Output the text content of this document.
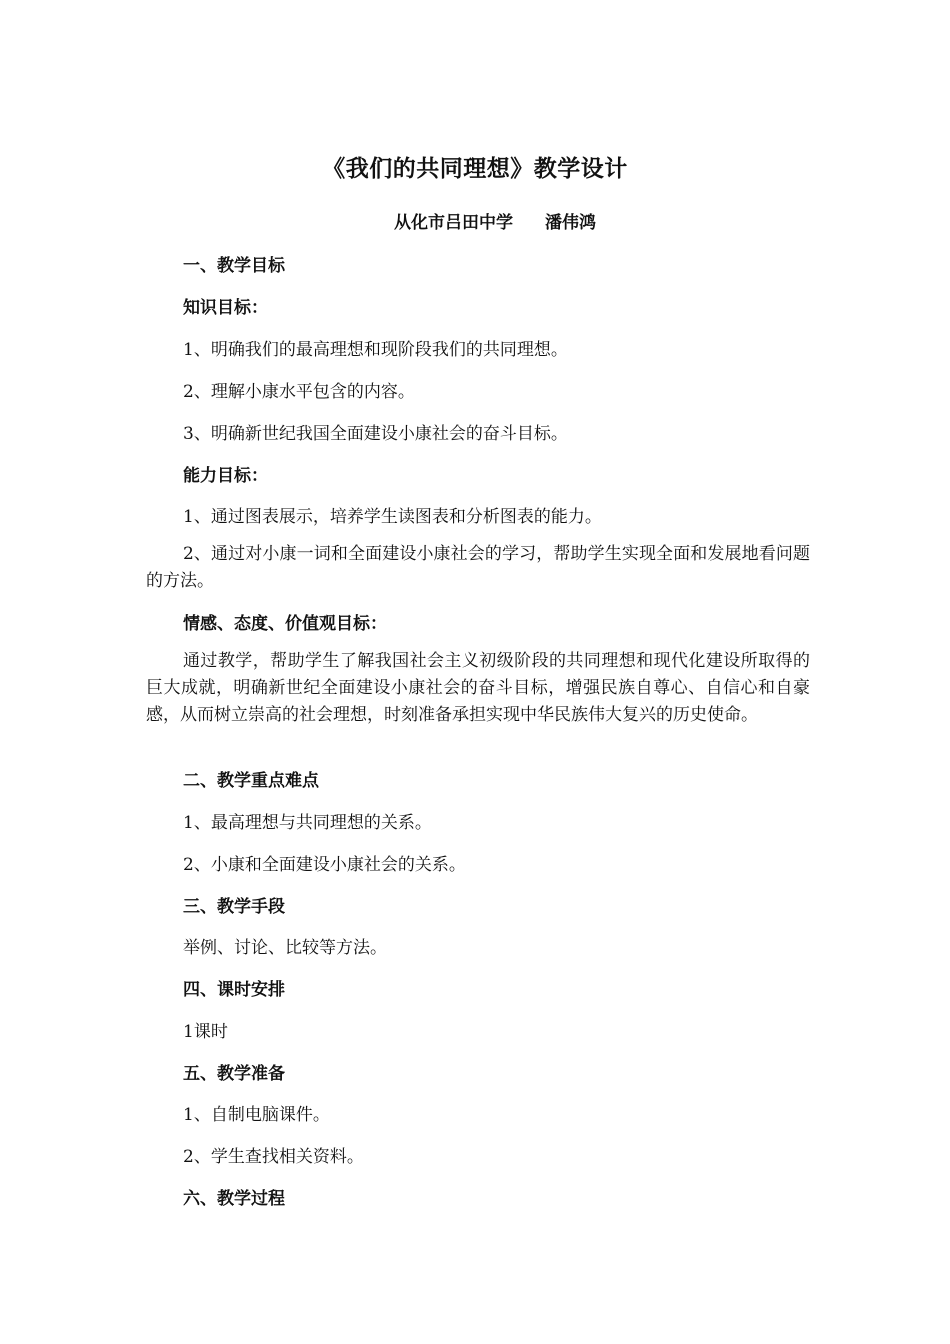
《我们的共同理想》教学设计
从化市吕田中学 潘伟鸿
一、教学目标
知识目标：
1、明确我们的最高理想和现阶段我们的共同理想。
2、理解小康水平包含的内容。
3、明确新世纪我国全面建设小康社会的奋斗目标。
能力目标：
1、通过图表展示，培养学生读图表和分析图表的能力。
2、通过对小康一词和全面建设小康社会的学习，帮助学生实现全面和发展地看问题的方法。
情感、态度、价值观目标：
通过教学，帮助学生了解我国社会主义初级阶段的共同理想和现代化建设所取得的巨大成就，明确新世纪全面建设小康社会的奋斗目标，增强民族自尊心、自信心和自豪感，从而树立崇高的社会理想，时刻准备承担实现中华民族伟大复兴的历史使命。
二、教学重点难点
1、最高理想与共同理想的关系。
2、小康和全面建设小康社会的关系。
三、教学手段
举例、讨论、比较等方法。
四、课时安排
1课时
五、教学准备
1、自制电脑课件。
2、学生查找相关资料。
六、教学过程
